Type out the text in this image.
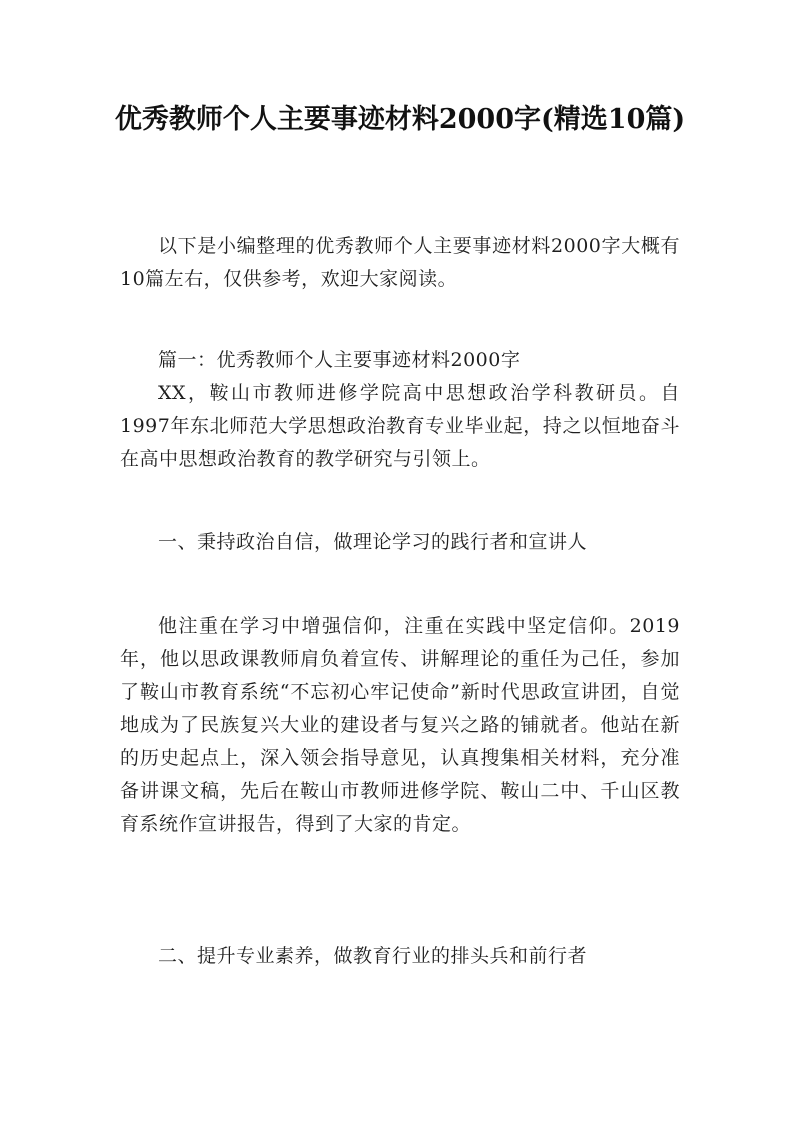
优秀教师个人主要事迹材料2000字(精选10篇)

以下是小编整理的优秀教师个人主要事迹材料2000字大概有10篇左右，仅供参考，欢迎大家阅读。

篇一：优秀教师个人主要事迹材料2000字

XX，鞍山市教师进修学院高中思想政治学科教研员。自1997年东北师范大学思想政治教育专业毕业起，持之以恒地奋斗在高中思想政治教育的教学研究与引领上。

一、秉持政治自信，做理论学习的践行者和宣讲人

他注重在学习中增强信仰，注重在实践中坚定信仰。2019年，他以思政课教师肩负着宣传、讲解理论的重任为己任，参加了鞍山市教育系统“不忘初心牢记使命”新时代思政宣讲团，自觉地成为了民族复兴大业的建设者与复兴之路的铺就者。他站在新的历史起点上，深入领会指导意见，认真搜集相关材料，充分准备讲课文稿，先后在鞍山市教师进修学院、鞍山二中、千山区教育系统作宣讲报告，得到了大家的肯定。

二、提升专业素养，做教育行业的排头兵和前行者
